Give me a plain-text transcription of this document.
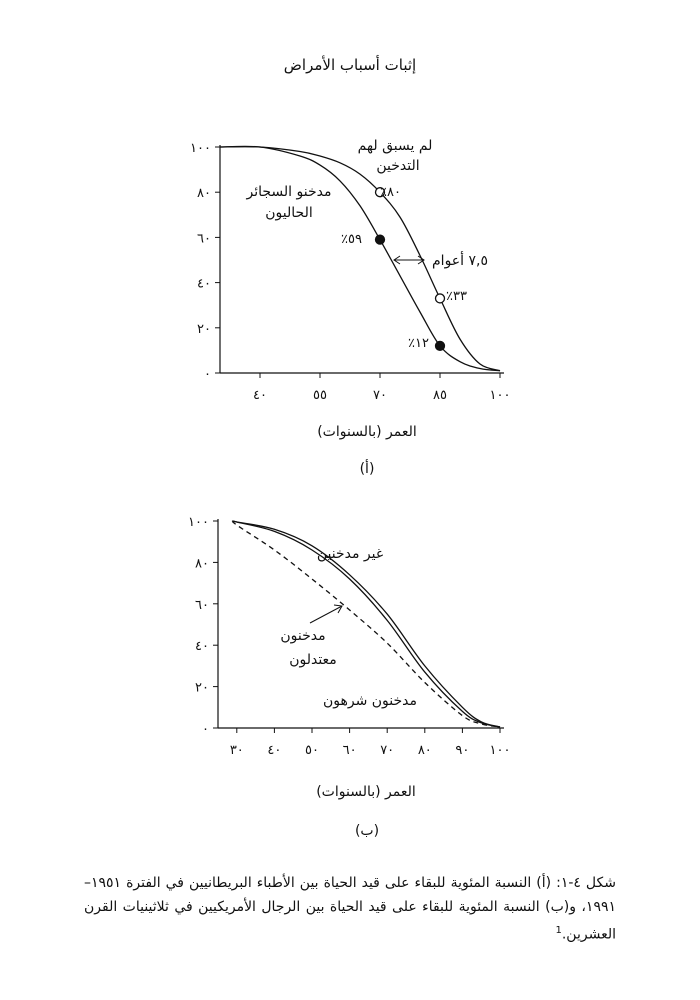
إثبات أسباب الأمراض
٠
٢٠
٤٠
٦٠
٨٠
١٠٠
٤٠	٥٥	٧٠	٨٥	١٠٠
لم يسبق لهم
التدخين
مدخنو السجائر
الحاليون
٪٨٠
٪٣٣
٪٥٩
٪١٢
٧,٥ أعوام
العمر (بالسنوات)
(أ)
٠
٢٠
٤٠
٦٠
٨٠
١٠٠
٣٠ ٤٠ ٥٠ ٦٠ ٧٠ ٨٠ ٩٠ ١٠٠
غير مدخنين
مدخنون
معتدلون
مدخنون شرهون
العمر (بالسنوات)
(ب)
شكل ٤-١: (أ) النسبة المئوية للبقاء على قيد الحياة بين الأطباء البريطانيين في الفترة ١٩٥١–١٩٩١، و(ب) النسبة المئوية للبقاء على قيد الحياة بين الرجال الأمريكيين في ثلاثينيات القرن العشرين.$^1$
